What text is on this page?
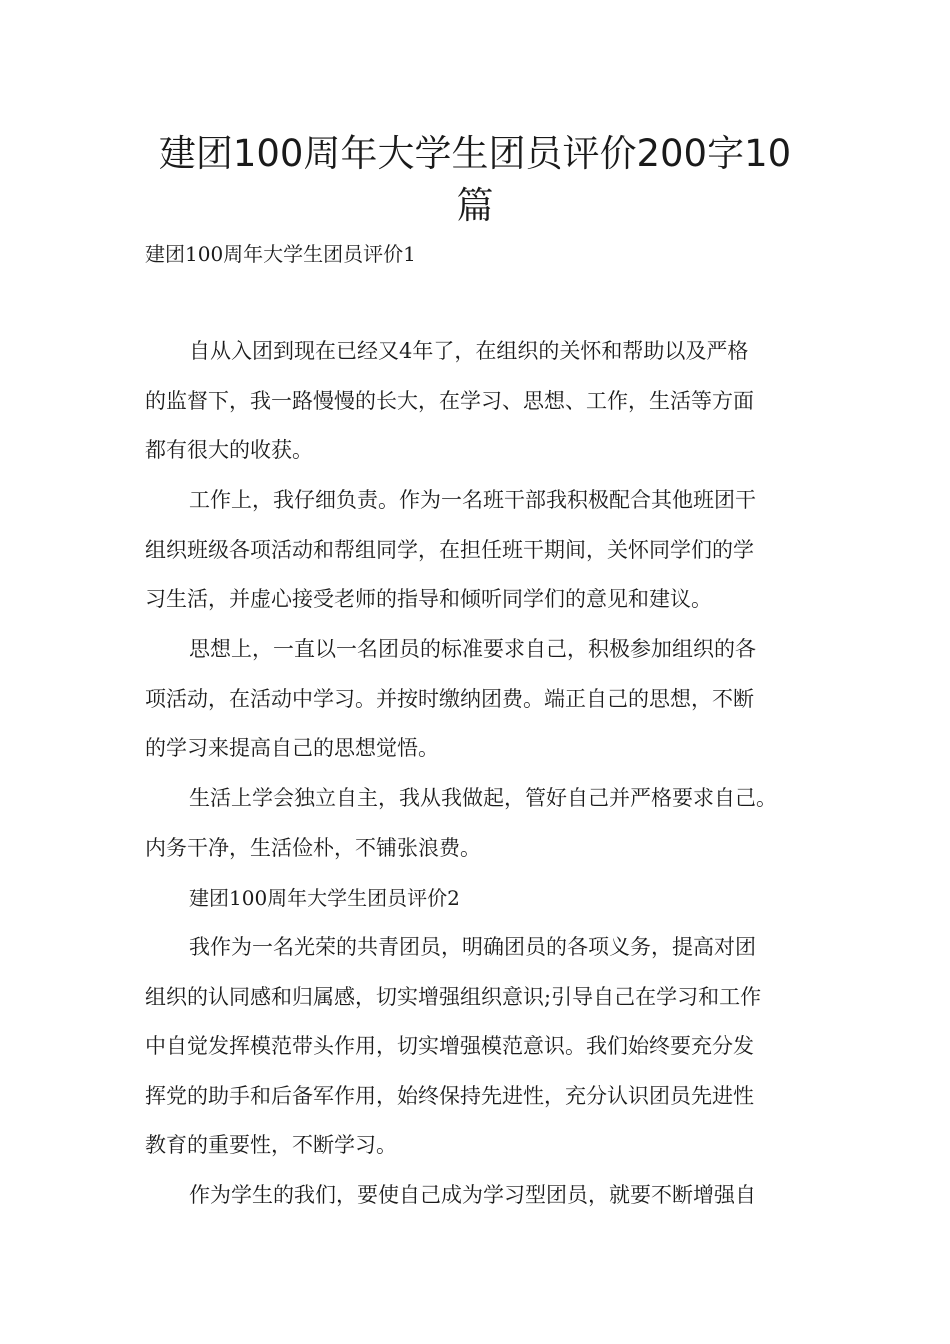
建团100周年大学生团员评价200字10
篇

建团100周年大学生团员评价1

自从入团到现在已经又4年了，在组织的关怀和帮助以及严格
的监督下，我一路慢慢的长大，在学习、思想、工作，生活等方面
都有很大的收获。
工作上，我仔细负责。作为一名班干部我积极配合其他班团干
组织班级各项活动和帮组同学，在担任班干期间，关怀同学们的学
习生活，并虚心接受老师的指导和倾听同学们的意见和建议。
思想上，一直以一名团员的标准要求自己，积极参加组织的各
项活动，在活动中学习。并按时缴纳团费。端正自己的思想，不断
的学习来提高自己的思想觉悟。
生活上学会独立自主，我从我做起，管好自己并严格要求自己。
内务干净，生活俭朴，不铺张浪费。

建团100周年大学生团员评价2

我作为一名光荣的共青团员，明确团员的各项义务，提高对团
组织的认同感和归属感，切实增强组织意识;引导自己在学习和工作
中自觉发挥模范带头作用，切实增强模范意识。我们始终要充分发
挥党的助手和后备军作用，始终保持先进性，充分认识团员先进性
教育的重要性，不断学习。
作为学生的我们，要使自己成为学习型团员，就要不断增强自
